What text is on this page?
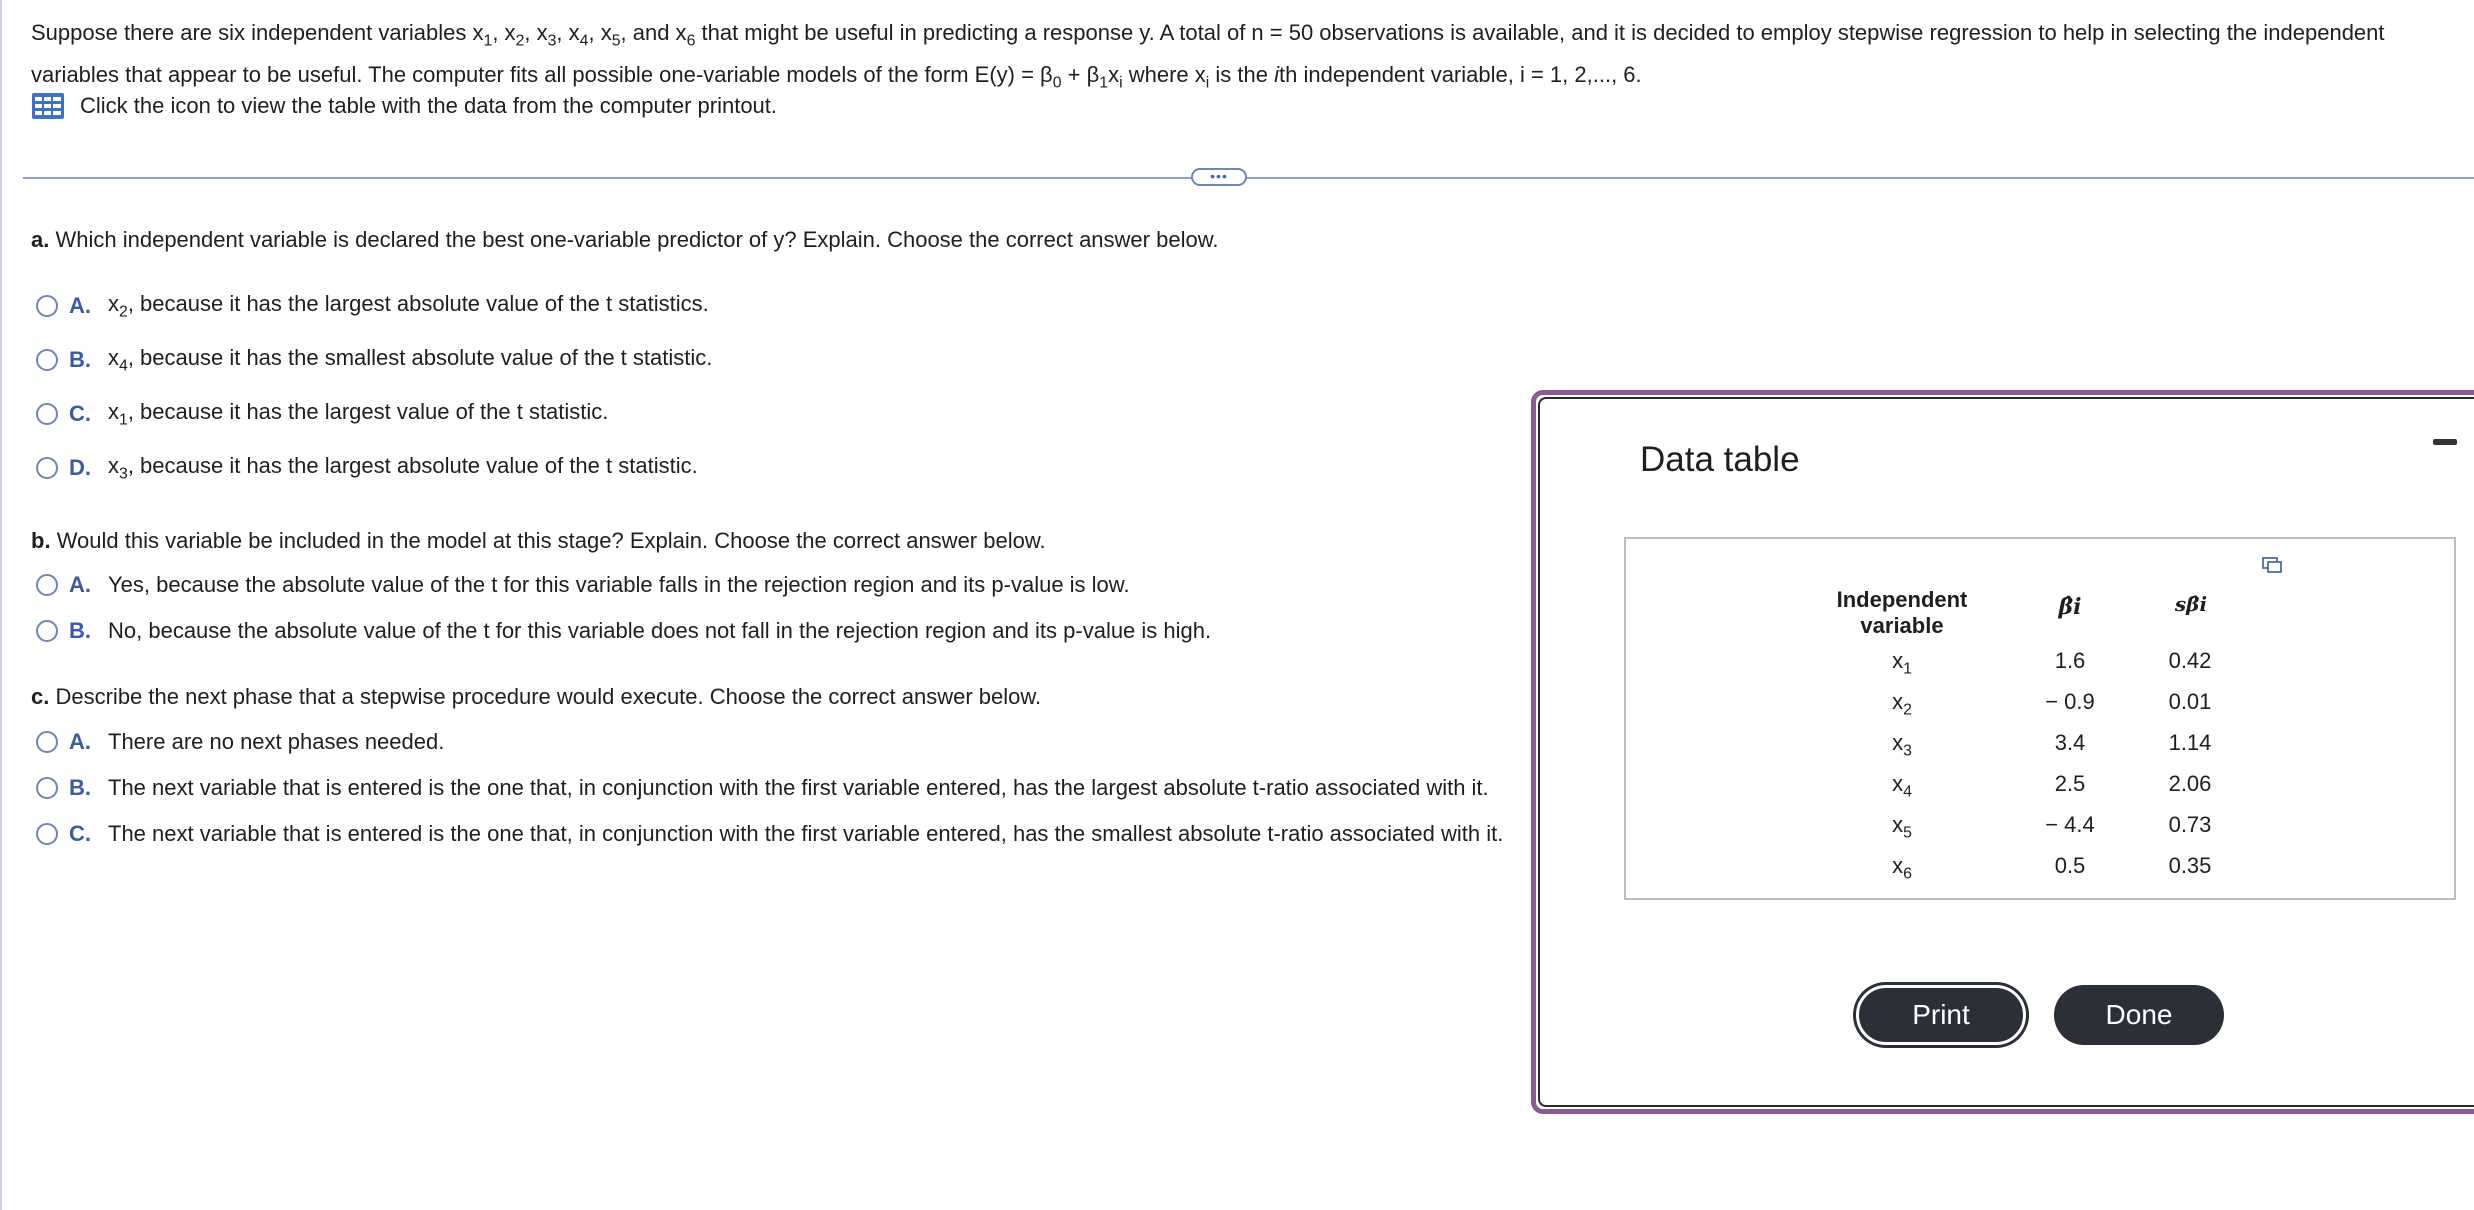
Suppose there are six independent variables $x_1$, $x_2$, $x_3$, $x_4$, $x_5$, and $x_6$ that might be useful in predicting a response y. A total of n = 50 observations is available, and it is decided to employ stepwise regression to help in selecting the independent variables that appear to be useful. The computer fits all possible one-variable models of the form $E(y) = \beta_0 + \beta_1x_i$ where $x_i$ is the ith independent variable, i = 1, 2,..., 6.
Click the icon to view the table with the data from the computer printout.
•••
a. Which independent variable is declared the best one-variable predictor of y? Explain. Choose the correct answer below.
A. $x_2$, because it has the largest absolute value of the t statistics.
B. $x_4$, because it has the smallest absolute value of the t statistic.
C. $x_1$, because it has the largest value of the t statistic.
D. $x_3$, because it has the largest absolute value of the t statistic.
b. Would this variable be included in the model at this stage? Explain. Choose the correct answer below.
A. Yes, because the absolute value of the t for this variable falls in the rejection region and its p-value is low.
B. No, because the absolute value of the t for this variable does not fall in the rejection region and its p-value is high.
c. Describe the next phase that a stepwise procedure would execute. Choose the correct answer below.
A. There are no next phases needed.
B. The next variable that is entered is the one that, in conjunction with the first variable entered, has the largest absolute t-ratio associated with it.
C. The next variable that is entered is the one that, in conjunction with the first variable entered, has the smallest absolute t-ratio associated with it.
Data table
Independent
variable
β̂i	sβ̂i
$x_1$	1.6	0.42
$x_2$	− 0.9	0.01
$x_3$	3.4	1.14
$x_4$	2.5	2.06
$x_5$	− 4.4	0.73
$x_6$	0.5	0.35
Print	Done
